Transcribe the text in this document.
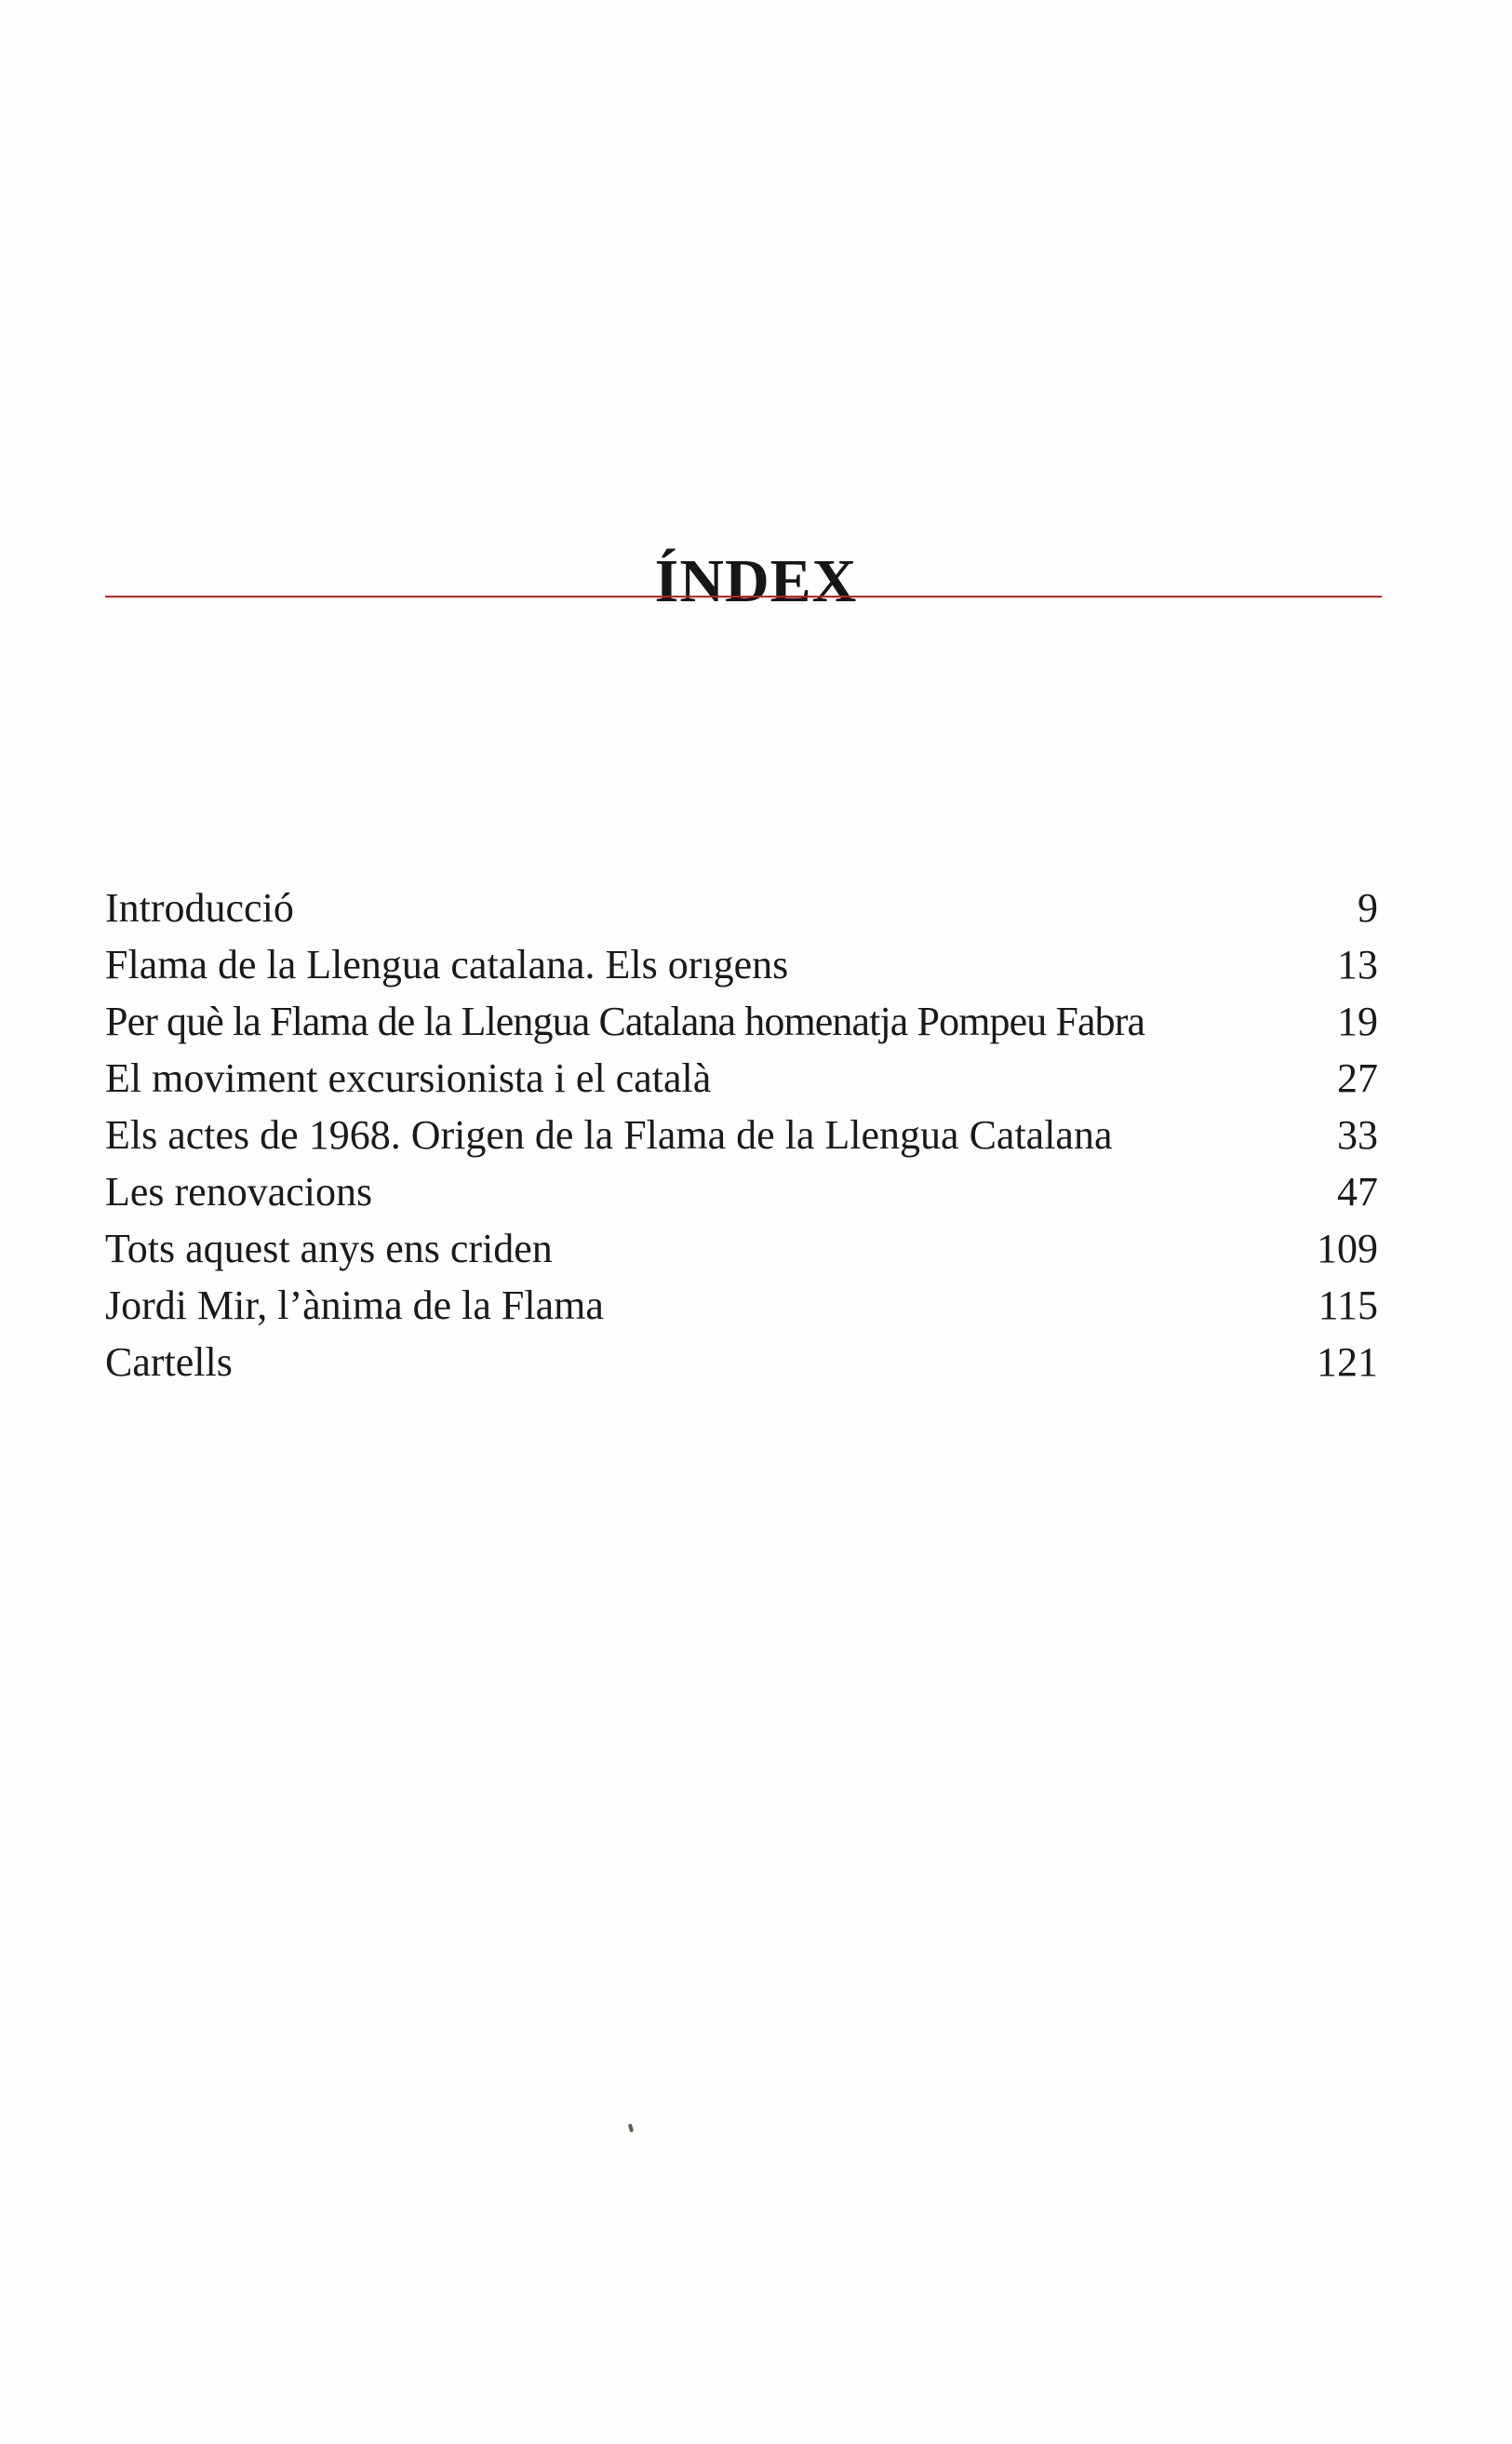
ÍNDEX
Introducció	9
Flama de la Llengua catalana. Els orıgens	13
Per què la Flama de la Llengua Catalana homenatja Pompeu Fabra	19
El moviment excursionista i el català	27
Els actes de 1968. Origen de la Flama de la Llengua Catalana	33
Les renovacions	47
Tots aquest anys ens criden	109
Jordi Mir, l’ànima de la Flama	115
Cartells	121
